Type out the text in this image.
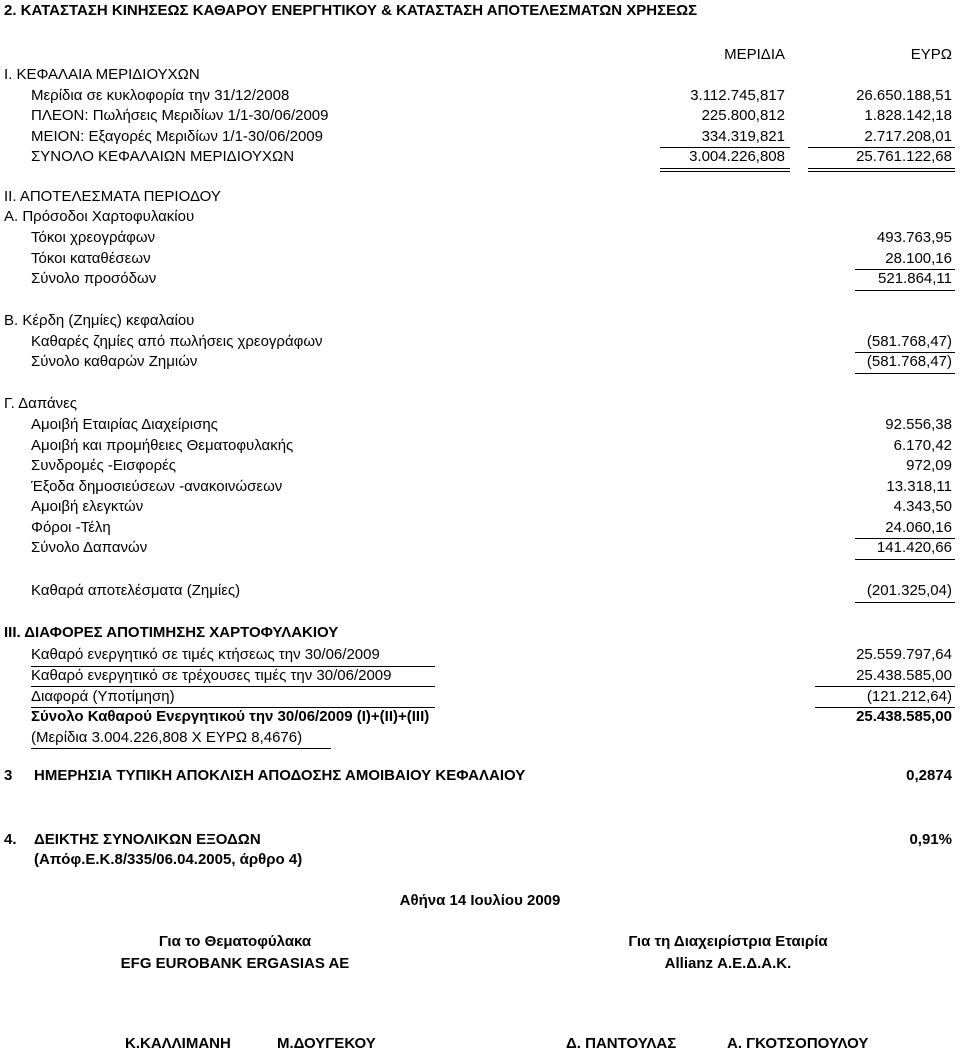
2. ΚΑΤΑΣΤΑΣΗ ΚΙΝΗΣΕΩΣ ΚΑΘΑΡΟΥ ΕΝΕΡΓΗΤΙΚΟΥ & ΚΑΤΑΣΤΑΣΗ ΑΠΟΤΕΛΕΣΜΑΤΩΝ ΧΡΗΣΕΩΣ
ΜΕΡΙΔΙΑ	ΕΥΡΩ
Ι. ΚΕΦΑΛΑΙΑ ΜΕΡΙΔΙΟΥΧΩΝ
Μερίδια σε κυκλοφορία την 31/12/2008	3.112.745,817	26.650.188,51
ΠΛΕΟΝ: Πωλήσεις Μεριδίων 1/1-30/06/2009	225.800,812	1.828.142,18
ΜΕΙΟΝ: Εξαγορές Μεριδίων 1/1-30/06/2009	334.319,821	2.717.208,01
ΣΥΝΟΛΟ ΚΕΦΑΛΑΙΩΝ ΜΕΡΙΔΙΟΥΧΩΝ	3.004.226,808	25.761.122,68
ΙΙ. ΑΠΟΤΕΛΕΣΜΑΤΑ ΠΕΡΙΟΔΟΥ
Α. Πρόσοδοι Χαρτοφυλακίου
Τόκοι χρεογράφων	493.763,95
Τόκοι καταθέσεων	28.100,16
Σύνολο προσόδων	521.864,11
Β. Κέρδη (Ζημίες) κεφαλαίου
Καθαρές ζημίες από πωλήσεις χρεογράφων	(581.768,47)
Σύνολο καθαρών Ζημιών	(581.768,47)
Γ. Δαπάνες
Αμοιβή Εταιρίας Διαχείρισης	92.556,38
Αμοιβή και προμήθειες Θεματοφυλακής	6.170,42
Συνδρομές -Εισφορές	972,09
Έξοδα δημοσιεύσεων -ανακοινώσεων	13.318,11
Αμοιβή ελεγκτών	4.343,50
Φόροι -Τέλη	24.060,16
Σύνολο Δαπανών	141.420,66
Καθαρά αποτελέσματα (Ζημίες)	(201.325,04)
ΙΙΙ. ΔΙΑΦΟΡΕΣ ΑΠΟΤΙΜΗΣΗΣ ΧΑΡΤΟΦΥΛΑΚΙΟΥ
Καθαρό ενεργητικό σε τιμές κτήσεως την 30/06/2009	25.559.797,64
Καθαρό ενεργητικό σε τρέχουσες τιμές την 30/06/2009	25.438.585,00
Διαφορά (Υποτίμηση)	(121.212,64)
Σύνολο Καθαρού Ενεργητικού την 30/06/2009 (Ι)+(ΙΙ)+(ΙΙΙ)	25.438.585,00
(Μερίδια 3.004.226,808 Χ ΕΥΡΩ 8,4676)
3 ΗΜΕΡΗΣΙΑ ΤΥΠΙΚΗ ΑΠΟΚΛΙΣΗ ΑΠΟΔΟΣΗΣ ΑΜΟΙΒΑΙΟΥ ΚΕΦΑΛΑΙΟΥ	0,2874
4. ΔΕΙΚΤΗΣ ΣΥΝΟΛΙΚΩΝ ΕΞΟΔΩΝ	0,91%
(Απόφ.Ε.Κ.8/335/06.04.2005, άρθρο 4)
Αθήνα 14 Ιουλίου 2009
Για το Θεματοφύλακα
EFG EUROBANK ERGASIAS AE
Για τη Διαχειρίστρια Εταιρία
Allianz Α.Ε.Δ.Α.Κ.
Κ.ΚΑΛΛΙΜΑΝΗ	Μ.ΔΟΥΓΕΚΟΥ	Δ. ΠΑΝΤΟΥΛΑΣ	Α. ΓΚΟΤΣΟΠΟΥΛΟΥ
